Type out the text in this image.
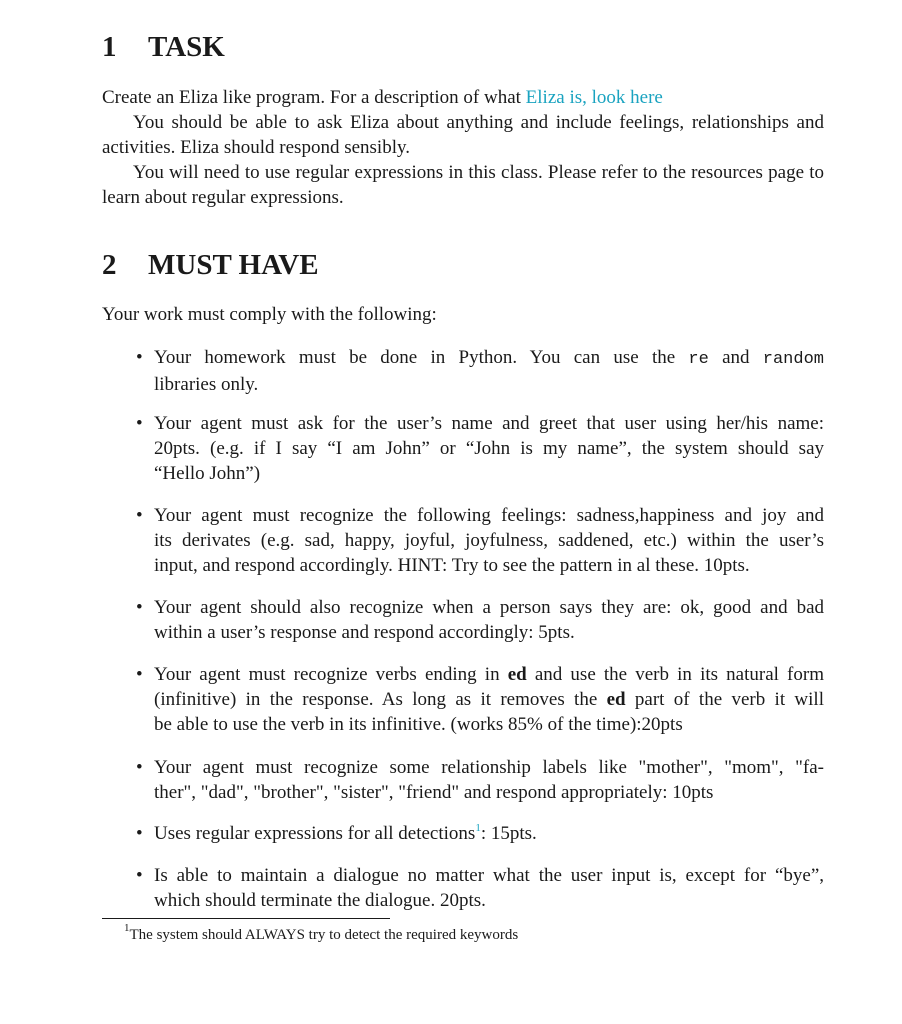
1 TASK

Create an Eliza like program. For a description of what Eliza is, look here

You should be able to ask Eliza about anything and include feelings, relationships and activities. Eliza should respond sensibly.

You will need to use regular expressions in this class. Please refer to the resources page to learn about regular expressions.

2 MUST HAVE

Your work must comply with the following:

• Your homework must be done in Python. You can use the re and random
libraries only.

• Your agent must ask for the user’s name and greet that user using her/his name:
20pts. (e.g. if I say “I am John” or “John is my name”, the system should say
“Hello John”)

• Your agent must recognize the following feelings: sadness,happiness and joy and
its derivates (e.g. sad, happy, joyful, joyfulness, saddened, etc.) within the user’s
input, and respond accordingly. HINT: Try to see the pattern in al these. 10pts.

• Your agent should also recognize when a person says they are: ok, good and bad
within a user’s response and respond accordingly: 5pts.

• Your agent must recognize verbs ending in ed and use the verb in its natural form
(infinitive) in the response. As long as it removes the ed part of the verb it will
be able to use the verb in its infinitive. (works 85% of the time):20pts

• Your agent must recognize some relationship labels like "mother", "mom", "fa-
ther", "dad", "brother", "sister", "friend" and respond appropriately: 10pts

• Uses regular expressions for all detections$^1$: 15pts.

• Is able to maintain a dialogue no matter what the user input is, except for “bye”,
which should terminate the dialogue. 20pts.

$^1$The system should ALWAYS try to detect the required keywords
